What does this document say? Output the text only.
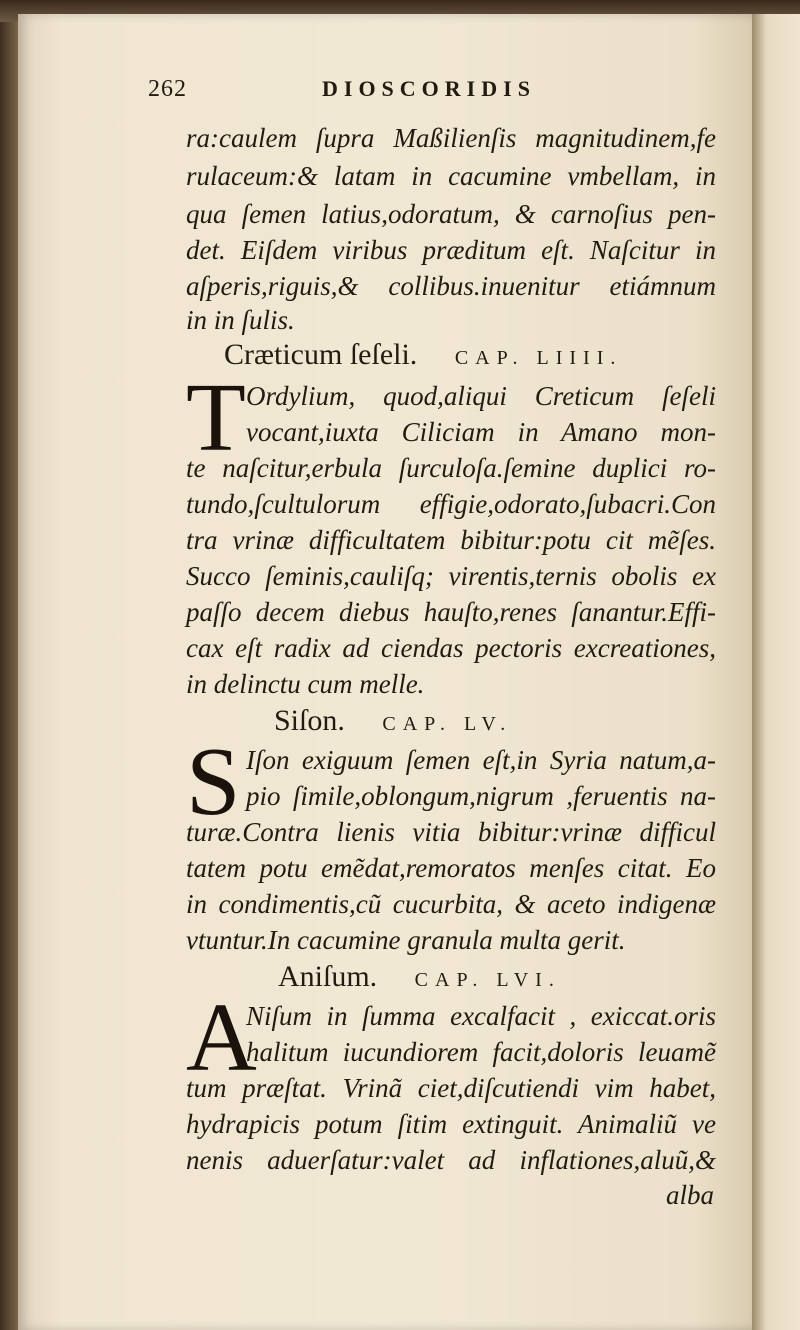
262	DIOSCORIDIS
ra:caulem ſupra Maßilienſis magnitudinem,fe
rulaceum:& latam in cacumine vmbellam, in
qua ſemen latius,odoratum, & carnoſius pen-
det. Eiſdem viribus præditum eſt. Naſcitur in
aſperis,riguis,& collibus.inuenitur etiámnum
in in ſulis.
Cræticum ſeſeli. CAP. LIIII.
T Ordylium, quod,aliqui Creticum ſeſeli
vocant,iuxta Ciliciam in Amano mon-
te naſcitur,erbula ſurculoſa.ſemine duplici ro-
tundo,ſcultulorum effigie,odorato,ſubacri.Con
tra vrinæ difficultatem bibitur:potu cit mẽſes.
Succo ſeminis,cauliſq; virentis,ternis obolis ex
paſſo decem diebus hauſto,renes ſanantur.Effi-
cax eſt radix ad ciendas pectoris excreationes,
in delinctu cum melle.
Siſon. CAP. LV.
S Iſon exiguum ſemen eſt,in Syria natum,a-
pio ſimile,oblongum,nigrum ,feruentis na-
turæ.Contra lienis vitia bibitur:vrinæ difficul
tatem potu emẽdat,remoratos menſes citat. Eo
in condimentis,cũ cucurbita, & aceto indigenæ
vtuntur.In cacumine granula multa gerit.
Aniſum. CAP. LVI.
A
Niſum in ſumma excalfacit , exiccat.oris
halitum iucundiorem facit,doloris leuamẽ
tum præſtat. Vrinã ciet,diſcutiendi vim habet,
hydrapicis potum ſitim extinguit. Animaliũ ve
nenis aduerſatur:valet ad inflationes,aluũ,&
alba
